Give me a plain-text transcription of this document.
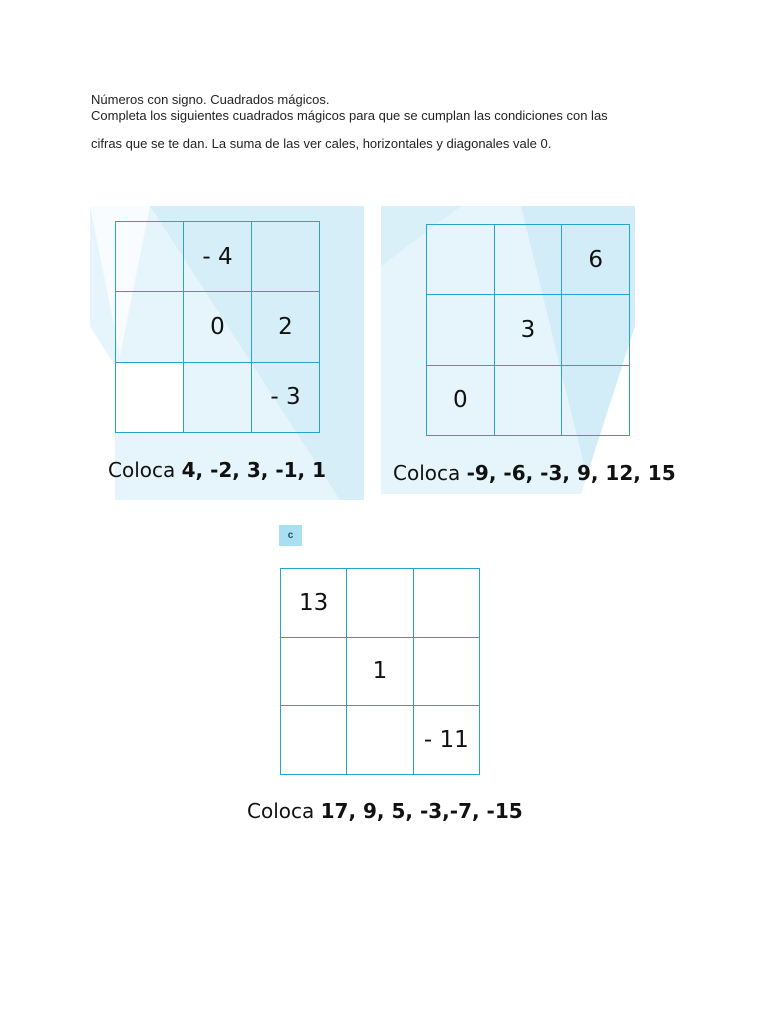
Números con signo. Cuadrados mágicos.
Completa los siguientes cuadrados mágicos para que se cumplan las condiciones con las
cifras que se te dan. La suma de las ver cales, horizontales y diagonales vale 0.
	- 4	
	0	2
		- 3
Coloca 4, -2, 3, -1, 1
		6
	3	
0		
Coloca -9, -6, -3, 9, 12, 15
c
13		
	1	
		- 11
Coloca 17, 9, 5, -3,-7, -15
